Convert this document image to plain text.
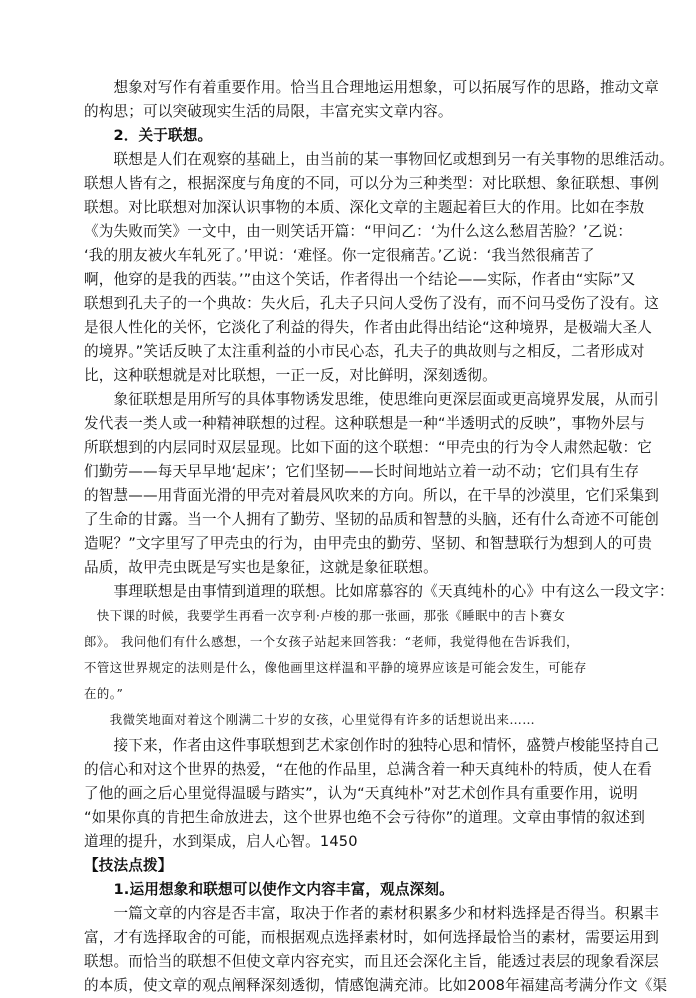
　　想象对写作有着重要作用。恰当且合理地运用想象，可以拓展写作的思路，推动文章
的构思；可以突破现实生活的局限，丰富充实文章内容。
　　2．关于联想。
　　联想是人们在观察的基础上，由当前的某一事物回忆或想到另一有关事物的思维活动。
联想人皆有之，根据深度与角度的不同，可以分为三种类型：对比联想、象征联想、事例
联想。对比联想对加深认识事物的本质、深化文章的主题起着巨大的作用。比如在李敖
《为失败而笑》一文中，由一则笑话开篇：“甲问乙：‘为什么这么愁眉苦脸？’乙说：
‘我的朋友被火车轧死了。’甲说：‘难怪。你一定很痛苦。’乙说：‘我当然很痛苦了
啊，他穿的是我的西装。’”由这个笑话，作者得出一个结论——实际，作者由“实际”又
联想到孔夫子的一个典故：失火后，孔夫子只问人受伤了没有，而不问马受伤了没有。这
是很人性化的关怀，它淡化了利益的得失，作者由此得出结论“这种境界，是极端大圣人
的境界。”笑话反映了太注重利益的小市民心态，孔夫子的典故则与之相反，二者形成对
比，这种联想就是对比联想，一正一反，对比鲜明，深刻透彻。
　　象征联想是用所写的具体事物诱发思维，使思维向更深层面或更高境界发展，从而引
发代表一类人或一种精神联想的过程。这种联想是一种“半透明式的反映”，事物外层与
所联想到的内层同时双层显现。比如下面的这个联想：“甲壳虫的行为令人肃然起敬：它
们勤劳——每天早早地‘起床’；它们坚韧——长时间地站立着一动不动；它们具有生存
的智慧——用背面光滑的甲壳对着晨风吹来的方向。所以，在干旱的沙漠里，它们采集到
了生命的甘露。当一个人拥有了勤劳、坚韧的品质和智慧的头脑，还有什么奇迹不可能创
造呢？”文字里写了甲壳虫的行为，由甲壳虫的勤劳、坚韧、和智慧联行为想到人的可贵
品质，故甲壳虫既是写实也是象征，这就是象征联想。
　　事理联想是由事情到道理的联想。比如席慕容的《天真纯朴的心》中有这么一段文字：
　快下课的时候，我要学生再看一次亨利·卢梭的那一张画，那张《睡眠中的吉卜赛女
郎》。 我问他们有什么感想，一个女孩子站起来回答我：“老师，我觉得他在告诉我们，
不管这世界规定的法则是什么，像他画里这样温和平静的境界应该是可能会发生，可能存
在的。”
　　我微笑地面对着这个刚满二十岁的女孩，心里觉得有许多的话想说出来……
　　接下来，作者由这件事联想到艺术家创作时的独特心思和情怀，盛赞卢梭能坚持自己
的信心和对这个世界的热爱，“在他的作品里，总满含着一种天真纯朴的特质，使人在看
了他的画之后心里觉得温暖与踏实”，认为“天真纯朴”对艺术创作具有重要作用，说明
“如果你真的肯把生命放进去，这个世界也绝不会亏待你”的道理。文章由事情的叙述到
道理的提升，水到渠成，启人心智。1450
【技法点拨】
　　1.运用想象和联想可以使作文内容丰富，观点深刻。
　　一篇文章的内容是否丰富，取决于作者的素材积累多少和材料选择是否得当。积累丰
富，才有选择取舍的可能，而根据观点选择素材时，如何选择最恰当的素材，需要运用到
联想。而恰当的联想不但使文章内容充实，而且还会深化主旨，能透过表层的现象看深层
的本质，使文章的观点阐释深刻透彻，情感饱满充沛。比如2008年福建高考满分作文《渠
